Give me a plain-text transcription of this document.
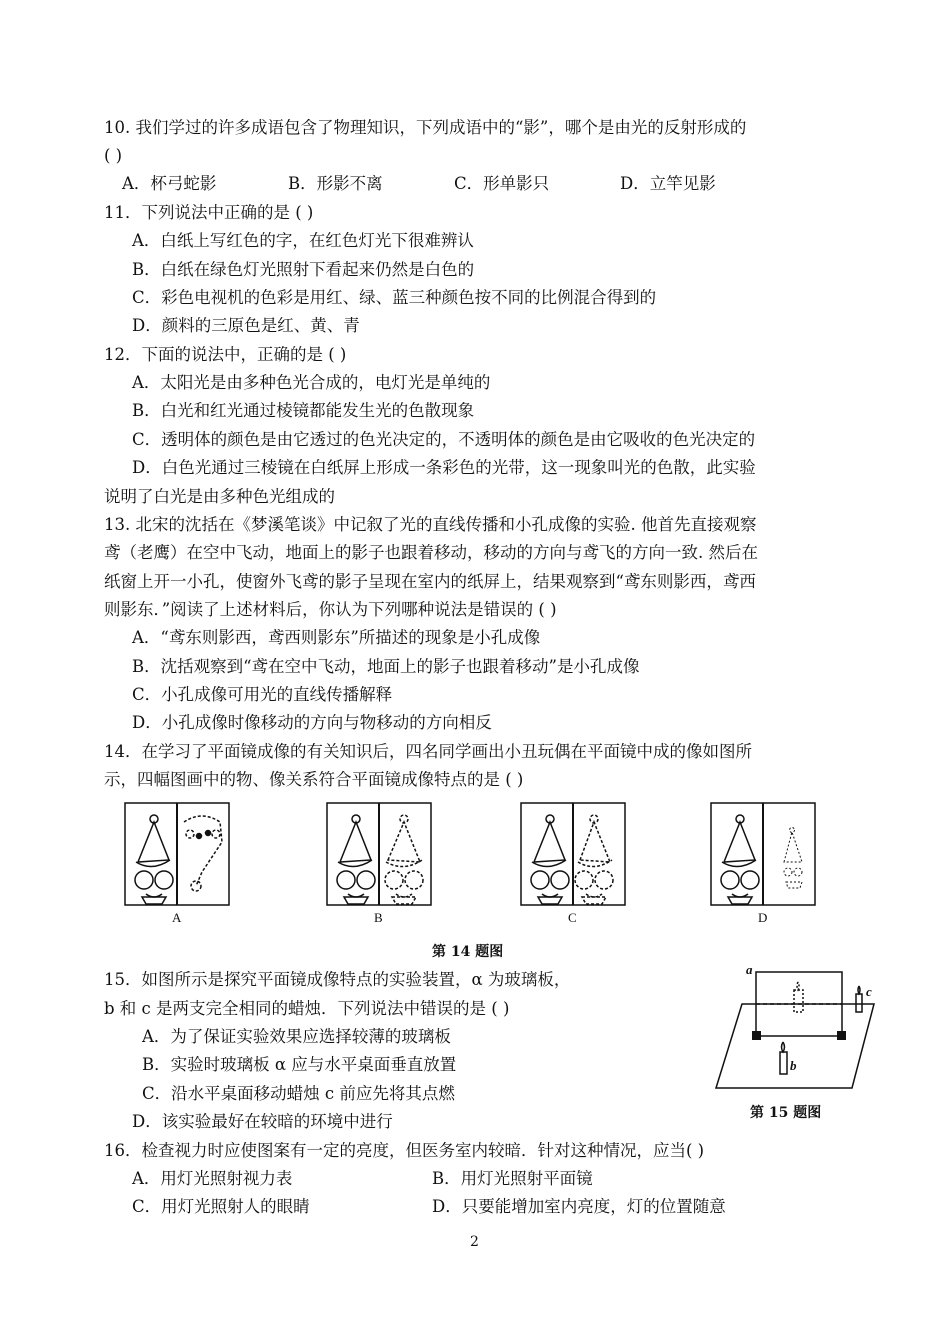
10. 我们学过的许多成语包含了物理知识，下列成语中的“影”，哪个是由光的反射形成的
( )
A．杯弓蛇影	B．形影不离	C．形单影只	D．立竿见影
11．下列说法中正确的是 ( )
A．白纸上写红色的字，在红色灯光下很难辨认
B．白纸在绿色灯光照射下看起来仍然是白色的
C．彩色电视机的色彩是用红、绿、蓝三种颜色按不同的比例混合得到的
D．颜料的三原色是红、黄、青
12．下面的说法中，正确的是 ( )
A．太阳光是由多种色光合成的，电灯光是单纯的
B．白光和红光通过棱镜都能发生光的色散现象
C．透明体的颜色是由它透过的色光决定的，不透明体的颜色是由它吸收的色光决定的
D．白色光通过三棱镜在白纸屏上形成一条彩色的光带，这一现象叫光的色散，此实验
说明了白光是由多种色光组成的
13. 北宋的沈括在《梦溪笔谈》中记叙了光的直线传播和小孔成像的实验. 他首先直接观察
鸢（老鹰）在空中飞动，地面上的影子也跟着移动，移动的方向与鸢飞的方向一致. 然后在
纸窗上开一小孔，使窗外飞鸢的影子呈现在室内的纸屏上，结果观察到“鸢东则影西，鸢西
则影东．”阅读了上述材料后，你认为下列哪种说法是错误的 ( )
A．“鸢东则影西，鸢西则影东”所描述的现象是小孔成像
B．沈括观察到“鸢在空中飞动，地面上的影子也跟着移动”是小孔成像
C．小孔成像可用光的直线传播解释
D．小孔成像时像移动的方向与物移动的方向相反
14．在学习了平面镜成像的有关知识后，四名同学画出小丑玩偶在平面镜中成的像如图所
示，四幅图画中的物、像关系符合平面镜成像特点的是 ( )
A	B	C	D
第 14 题图
15．如图所示是探究平面镜成像特点的实验装置，α 为玻璃板，
b 和 c 是两支完全相同的蜡烛．下列说法中错误的是 ( )
A．为了保证实验效果应选择较薄的玻璃板
B．实验时玻璃板 α 应与水平桌面垂直放置
C．沿水平桌面移动蜡烛 c 前应先将其点燃
D．该实验最好在较暗的环境中进行
a
c
b
第 15 题图
16．检查视力时应使图案有一定的亮度，但医务室内较暗．针对这种情况，应当( )
A．用灯光照射视力表	B．用灯光照射平面镜
C．用灯光照射人的眼睛	D．只要能增加室内亮度，灯的位置随意
2
